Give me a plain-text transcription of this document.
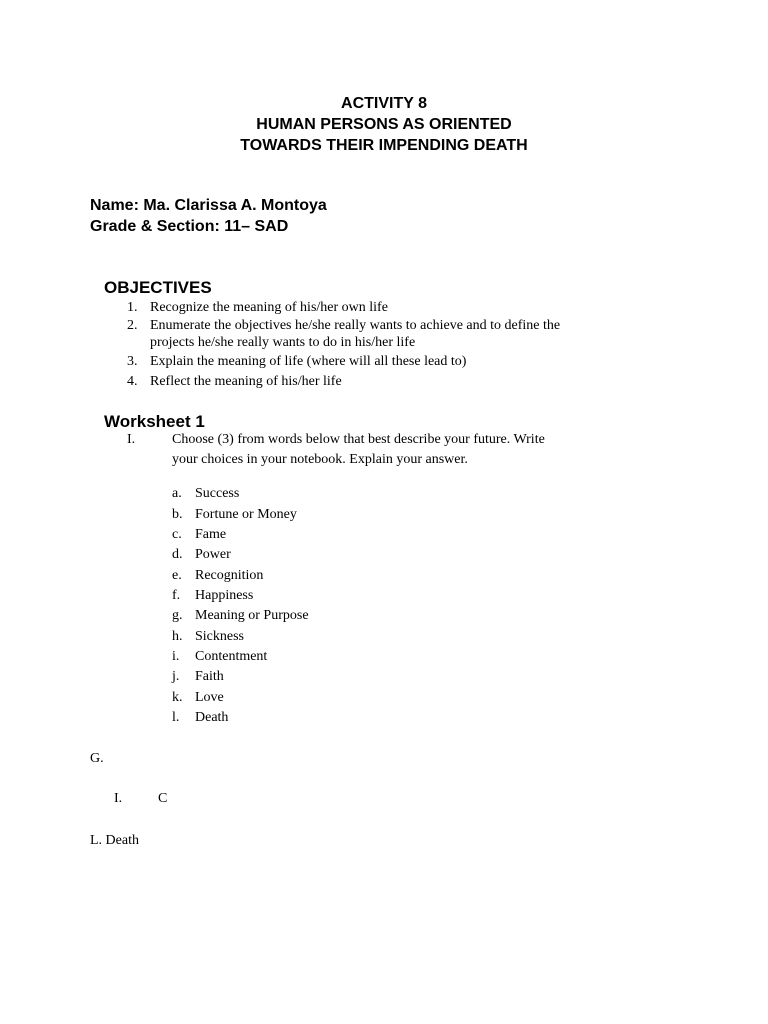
ACTIVITY 8
HUMAN PERSONS AS ORIENTED
TOWARDS THEIR IMPENDING DEATH
Name: Ma. Clarissa A. Montoya
Grade & Section: 11– SAD
OBJECTIVES
1. Recognize the meaning of his/her own life
2. Enumerate the objectives he/she really wants to achieve and to define the
projects he/she really wants to do in his/her life
3. Explain the meaning of life (where will all these lead to)
4. Reflect the meaning of his/her life
Worksheet 1
I.	Choose (3) from words below that best describe your future. Write
your choices in your notebook. Explain your answer.
a. Success
b. Fortune or Money
c. Fame
d. Power
e. Recognition
f. Happiness
g. Meaning or Purpose
h. Sickness
i. Contentment
j. Faith
k. Love
l. Death
G.
I.	C
L. Death
